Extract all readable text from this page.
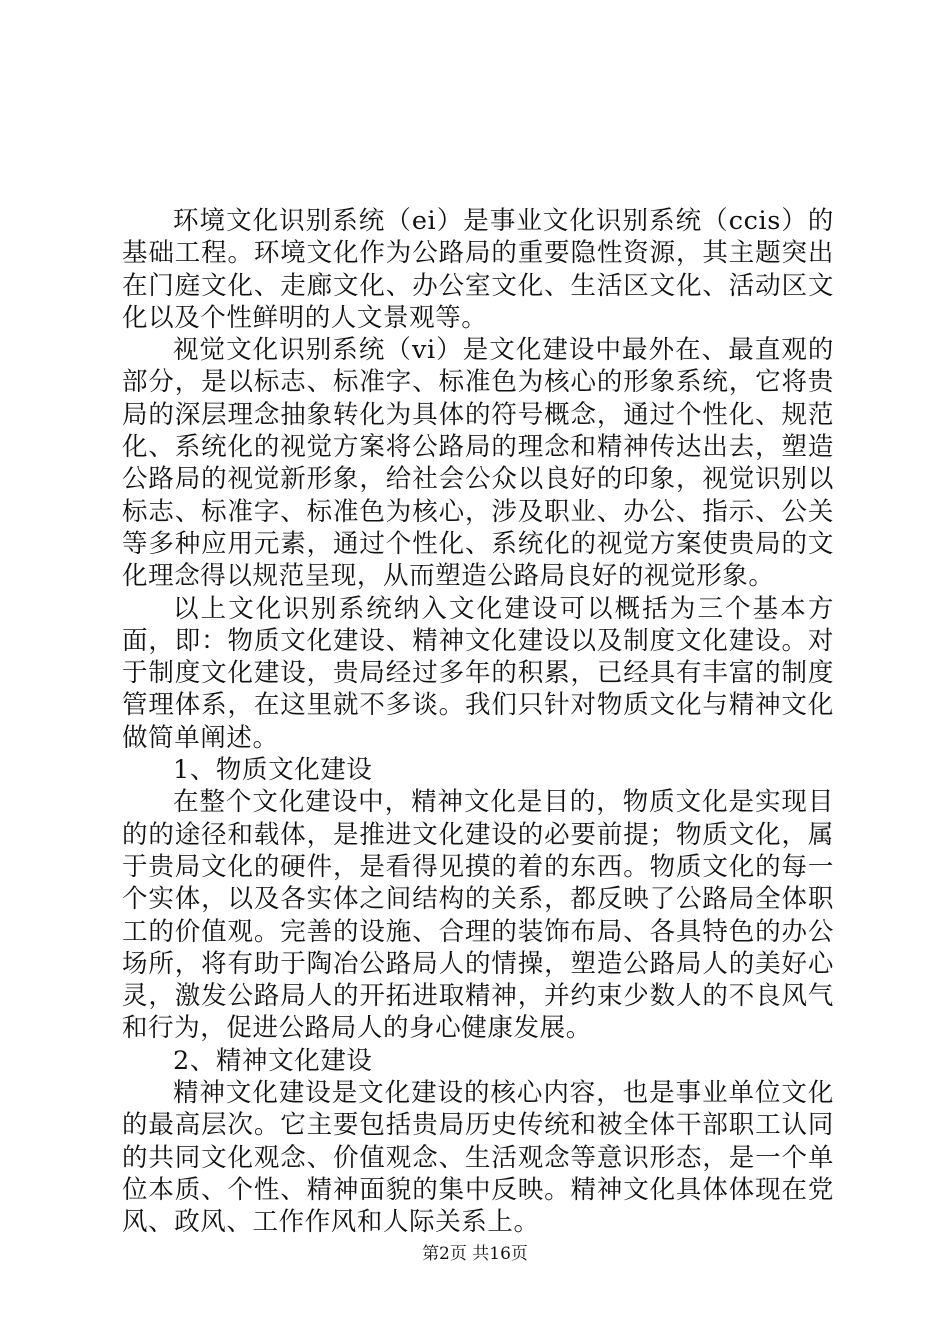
环境文化识别系统（ei）是事业文化识别系统（ccis）的基础工程。环境文化作为公路局的重要隐性资源，其主题突出在门庭文化、走廊文化、办公室文化、生活区文化、活动区文化以及个性鲜明的人文景观等。

视觉文化识别系统（vi）是文化建设中最外在、最直观的部分，是以标志、标准字、标准色为核心的形象系统，它将贵局的深层理念抽象转化为具体的符号概念，通过个性化、规范化、系统化的视觉方案将公路局的理念和精神传达出去，塑造公路局的视觉新形象，给社会公众以良好的印象，视觉识别以标志、标准字、标准色为核心，涉及职业、办公、指示、公关等多种应用元素，通过个性化、系统化的视觉方案使贵局的文化理念得以规范呈现，从而塑造公路局良好的视觉形象。

以上文化识别系统纳入文化建设可以概括为三个基本方面，即：物质文化建设、精神文化建设以及制度文化建设。对于制度文化建设，贵局经过多年的积累，已经具有丰富的制度管理体系，在这里就不多谈。我们只针对物质文化与精神文化做简单阐述。

1、物质文化建设

在整个文化建设中，精神文化是目的，物质文化是实现目的的途径和载体，是推进文化建设的必要前提；物质文化，属于贵局文化的硬件，是看得见摸的着的东西。物质文化的每一个实体，以及各实体之间结构的关系，都反映了公路局全体职工的价值观。完善的设施、合理的装饰布局、各具特色的办公场所，将有助于陶冶公路局人的情操，塑造公路局人的美好心灵，激发公路局人的开拓进取精神，并约束少数人的不良风气和行为，促进公路局人的身心健康发展。

2、精神文化建设

精神文化建设是文化建设的核心内容，也是事业单位文化的最高层次。它主要包括贵局历史传统和被全体干部职工认同的共同文化观念、价值观念、生活观念等意识形态，是一个单位本质、个性、精神面貌的集中反映。精神文化具体体现在党风、政风、工作作风和人际关系上。

第2页 共16页
